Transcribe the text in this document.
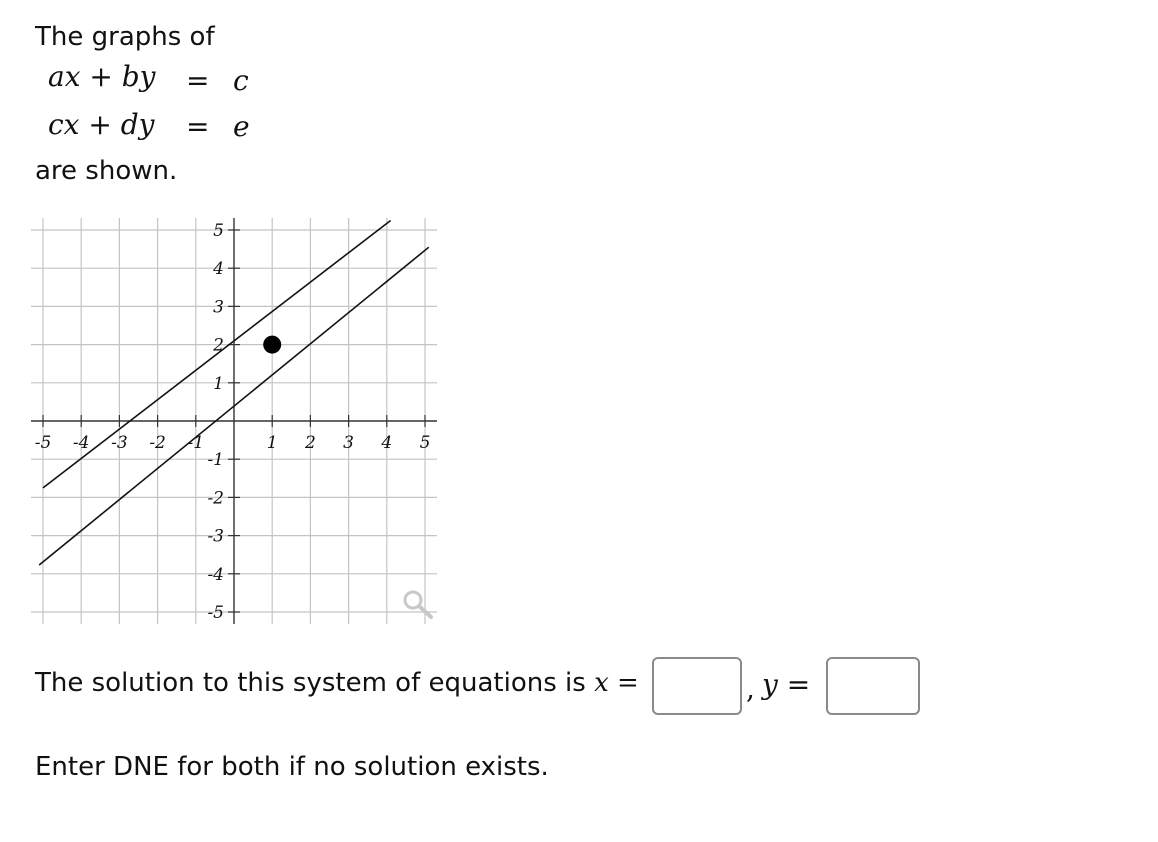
The graphs of
ax + by = c
cx + dy = e
are shown.
-5 -4 -3 -2 -1	1 2 3 4 5
5
4
3
2
1
-1
-2
-3
-4
-5
The solution to this system of equations is x =	, y =
Enter DNE for both if no solution exists.
